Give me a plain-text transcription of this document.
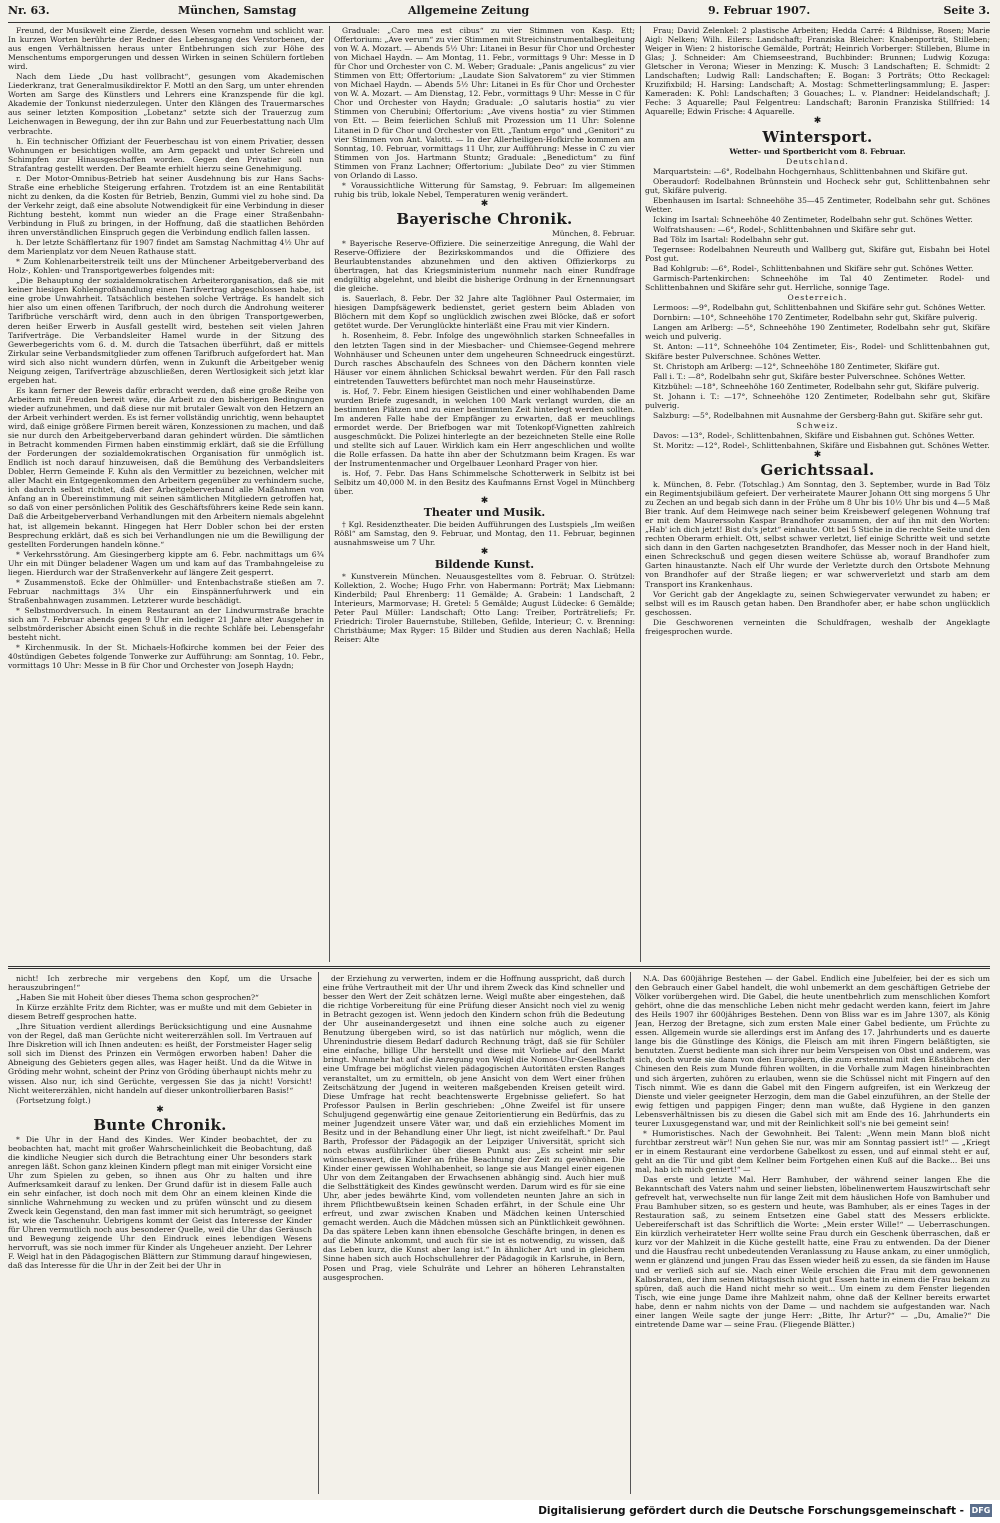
Nr. 63.	München, Samstag	Allgemeine Zeitung	9. Februar 1907.	Seite 3.

Freund, der Musikwelt eine Zierde, dessen Wesen vornehm und schlicht war. In kurzen Worten berührte der Redner des Lebensgang des Verstorbenen, der aus engen Verhältnissen heraus unter Entbehrungen sich zur Höhe des Menschentums emporgerungen und dessen Wirken in seinen Schülern fortleben wird.

Nach dem Liede „Du hast vollbracht“, gesungen vom Akademischen Liederkranz, trat Generalmusikdirektor F. Mottl an den Sarg, um unter ehrenden Worten am Sarge des Künstlers und Lehrers eine Kranzspende für die kgl. Akademie der Tonkunst niederzulegen. Unter den Klängen des Trauermarsches aus seiner letzten Komposition „Lobetanz“ setzte sich der Trauerzug zum Leichenwagen in Bewegung, der ihn zur Bahn und zur Feuerbestattung nach Ulm verbrachte.

h. Ein technischer Offiziant der Feuerbeschau ist von einem Privatier, dessen Wohnungen er besichtigen wollte, am Arm gepackt und unter Schreien und Schimpfen zur Hinausgeschaffen worden. Gegen den Privatier soll nun Strafantrag gestellt werden. Der Beamte erhielt hierzu seine Genehmigung.

r. Der Motor-Omnibus-Betrieb hat seiner Ausdehnung bis zur Hans Sachs-Straße eine erhebliche Steigerung erfahren. Trotzdem ist an eine Rentabilität nicht zu denken, da die Kosten für Betrieb, Benzin, Gummi viel zu hohe sind. Da der Verkehr zeigt, daß eine absolute Notwendigkeit für eine Verbindung in dieser Richtung besteht, kommt nun wieder an die Frage einer Straßenbahn-Verbindung in Fluß zu bringen, in der Hoffnung, daß die staatlichen Behörden ihren unverständlichen Einspruch gegen die Verbindung endlich fallen lassen.

h. Der letzte Schäfflertanz für 1907 findet am Samstag Nachmittag 4½ Uhr auf dem Marienplatz vor dem Neuen Rathause statt.

* Zum Kohlenarbeiterstreik teilt uns der Münchener Arbeitgeberverband des Holz-, Kohlen- und Transportgewerbes folgendes mit:

„Die Behauptung der sozialdemokratischen Arbeiterorganisation, daß sie mit keiner hiesigen Kohlengroßhandlung einen Tarifvertrag abgeschlossen habe, ist eine grobe Unwahrheit. Tatsächlich bestehen solche Verträge. Es handelt sich hier also um einen offenen Tarifbruch, der noch durch die Androhung weiterer Tarifbrüche verschärft wird, denn auch in den übrigen Transportgewerben, deren heißer Erwerb in Ausfall gestellt wird, bestehen seit vielen Jahren Tarifverträge. Die Verbandsleiter Hamel wurde in der Sitzung des Gewerbegerichts vom 6. d. M. durch die Tatsachen überführt, daß er mittels Zirkular seine Verbandsmitglieder zum offenen Tarifbruch aufgefordert hat. Man wird sich also nicht wundern dürfen, wenn in Zukunft die Arbeitgeber wenig Neigung zeigen, Tarifverträge abzuschließen, deren Wertlosigkeit sich jetzt klar ergeben hat.

Es kann ferner der Beweis dafür erbracht werden, daß eine große Reihe von Arbeitern mit Freuden bereit wäre, die Arbeit zu den bisherigen Bedingungen wieder aufzunehmen, und daß diese nur mit brutaler Gewalt von den Hetzern an der Arbeit verhindert werden. Es ist ferner vollständig unrichtig, wenn behauptet wird, daß einige größere Firmen bereit wären, Konzessionen zu machen, und daß sie nur durch den Arbeitgeberverband daran gehindert würden. Die sämtlichen in Betracht kommenden Firmen haben einstimmig erklärt, daß sie die Erfüllung der Forderungen der sozialdemokratischen Organisation für unmöglich ist. Endlich ist noch darauf hinzuweisen, daß die Bemühung des Verbandsleiters Dobler, Herrn Gemeinde F. Kuhn als den Vermittler zu bezeichnen, welcher mit aller Macht ein Entgegenkommen den Arbeitern gegenüber zu verhindern suche, ich dadurch selbst richtet, daß der Arbeitgeberverband alle Maßnahmen von Anfang an in Übereinstimmung mit seinen sämtlichen Mitgliedern getroffen hat, so daß von einer persönlichen Politik des Geschäftsführers keine Rede sein kann. Daß die Arbeitgeberverband Verhandlungen mit den Arbeitern niemals abgelehnt hat, ist allgemein bekannt. Hingegen hat Herr Dobler schon bei der ersten Besprechung erklärt, daß es sich bei Verhandlungen nie um die Bewilligung der gestellten Forderungen handeln könne.“

* Verkehrsstörung. Am Giesingerberg kippte am 6. Febr. nachmittags um 6¾ Uhr ein mit Dünger beladener Wagen um und kam auf das Trambahngeleise zu liegen. Hierdurch war der Straßenverkehr auf längere Zeit gesperrt.

* Zusammenstoß. Ecke der Ohlmüller- und Entenbachstraße stießen am 7. Februar nachmittags 3¼ Uhr ein Einspännerfuhrwerk und ein Straßenbahnwagen zusammen. Letzterer wurde beschädigt.

* Selbstmordversuch. In einem Restaurant an der Lindwurmstraße brachte sich am 7. Februar abends gegen 9 Uhr ein lediger 21 Jahre alter Ausgeher in selbstmörderischer Absicht einen Schuß in die rechte Schläfe bei. Lebensgefahr besteht nicht.

* Kirchenmusik. In der St. Michaels-Hofkirche kommen bei der Feier des 40stündigen Gebetes folgende Tonwerke zur Aufführung: am Sonntag, 10. Febr., vormittags 10 Uhr: Messe in B für Chor und Orchester von Joseph Haydn;

Graduale: „Caro mea est cibus“ zu vier Stimmen von Kasp. Ett; Offertorium: „Ave verum“ zu vier Stimmen mit Streichinstrumentalbegleitung von W. A. Mozart. — Abends 5½ Uhr: Litanei in Besur für Chor und Orchester von Michael Haydn. — Am Montag, 11. Febr., vormittags 9 Uhr: Messe in D für Chor und Orchester von C. M. Weber; Graduale: „Panis angelicus“ zu vier Stimmen von Ett; Offertorium: „Laudate Sion Salvatorem“ zu vier Stimmen von Michael Haydn. — Abends 5½ Uhr: Litanei in Es für Chor und Orchester von W. A. Mozart. — Am Dienstag, 12. Febr., vormittags 9 Uhr: Messe in C für Chor und Orchester von Haydn; Graduale: „O salutaris hostia“ zu vier Stimmen von Cherubini; Offertorium: „Ave vivens hostia“ zu vier Stimmen von Ett. — Beim feierlichen Schluß mit Prozession um 11 Uhr: Solenne Litanei in D für Chor und Orchester von Ett. „Tantum ergo“ und „Genitori“ zu vier Stimmen von Ant. Valotti. — In der Allerheiligen-Hofkirche kommen am Sonntag, 10. Februar, vormittags 11 Uhr, zur Aufführung: Messe in C zu vier Stimmen von Jos. Hartmann Stuntz; Graduale: „Benedictum“ zu fünf Stimmen von Franz Lachner; Offertorium: „Jubilate Deo“ zu vier Stimmen von Orlando di Lasso.

* Voraussichtliche Witterung für Samstag, 9. Februar: Im allgemeinen ruhig bis trüb, lokale Nebel, Temperaturen wenig verändert.

✱

Bayerische Chronik.

München, 8. Februar.

* Bayerische Reserve-Offiziere. Die seinerzeitige Anregung, die Wahl der Reserve-Offiziere der Bezirkskommandos und die Offiziere des Beurlaubtenstandes abzunehmen und den aktiven Offizierkorps zu übertragen, hat das Kriegsministerium nunmehr nach einer Rundfrage endgültig abgelehnt, und bleibt die bisherige Ordnung in der Ernennungsart die gleiche.

is. Sauerlach, 8. Febr. Der 32 Jahre alte Taglöhner Paul Ostermaier, im hiesigen Dampfsägewerk bedienstet, geriet gestern beim Abladen von Blöchern mit dem Kopf so unglücklich zwischen zwei Blöcke, daß er sofort getötet wurde. Der Verunglückte hinterläßt eine Frau mit vier Kindern.

h. Rosenheim, 8. Febr. Infolge des ungewöhnlich starken Schneefalles in den letzten Tagen sind in der Miesbacher- und Chiemsee-Gegend mehrere Wohnhäuser und Scheunen unter dem ungeheuren Schneedruck eingestürzt. Durch rasches Abschaufeln des Schnees von den Dächern konnten viele Häuser vor einem ähnlichen Schicksal bewahrt werden. Für den Fall rasch eintretenden Tauwetters befürchtet man noch mehr Hauseinstürze.

is. Hof, 7. Febr. Einem hiesigen Geistlichen und einer wohlhabenden Dame wurden Briefe zugesandt, in welchen 100 Mark verlangt wurden, die an bestimmten Plätzen und zu einer bestimmten Zeit hinterlegt werden sollten. Im anderen Falle habe der Empfänger zu erwarten, daß er meuchlings ermordet werde. Der Briefbogen war mit Totenkopf-Vignetten zahlreich ausgeschmückt. Die Polizei hinterlegte an der bezeichneten Stelle eine Rolle und stellte sich auf Lauer. Wirklich kam ein Herr angeschlichen und wollte die Rolle erfassen. Da hatte ihn aber der Schutzmann beim Kragen. Es war der Instrumentenmacher und Orgelbauer Leonhard Prager von hier.

is. Hof, 7. Febr. Das Hans Schimmelsche Schotterwerk in Selbitz ist bei Selbitz um 40,000 M. in den Besitz des Kaufmanns Ernst Vogel in Münchberg über.

✱

Theater und Musik.

† Kgl. Residenztheater. Die beiden Aufführungen des Lustspiels „Im weißen Rößl“ am Samstag, den 9. Februar, und Montag, den 11. Februar, beginnen ausnahmsweise um 7 Uhr.

✱

Bildende Kunst.

* Kunstverein München. Neuausgestelltes vom 8. Februar. O. Strützel: Kollektion, 2. Woche; Hugo Frhr. von Habermann: Porträt; Max Liebmann: Kinderbild; Paul Ehrenberg: 11 Gemälde; A. Grabein: 1 Landschaft, 2 Interieurs, Marmorvase; H. Gretel: 5 Gemälde; August Lüdecke: 6 Gemälde; Peter Paul Müller: Landschaft; Otto Lang: Treiber, Porträtreliefs; Fr. Friedrich: Tiroler Bauernstube, Stilleben, Gefilde, Interieur; C. v. Brenning: Christbäume; Max Ryger: 15 Bilder und Studien aus deren Nachlaß; Hella Reiser: Alte

Frau; David Zelenkel: 2 plastische Arbeiten; Hedda Carré: 4 Bildnisse, Rosen; Marie Aigl: Nelken; Wilh. Eilers: Landschaft; Franziska Bleicher: Knabenporträt, Stilleben; Weiger in Wien: 2 historische Gemälde, Porträt; Heinrich Vorberger: Stilleben, Blume in Glas; J. Schneider: Am Chiemseestrand, Buchbinder: Brunnen; Ludwig Kozuga: Gletscher in Verona; Wieser in Menzing: K. Musch: 3 Landschaften; E. Schmidt: 2 Landschaften; Ludwig Rall: Landschaften; E. Bogan: 3 Porträts; Otto Reckagel: Kruzifixbild; H. Harsing: Landschaft; A. Mostag: Schmetterlingsammlung; E. Jasper: Kameraden: K. Pohl: Landschaften; 3 Gouaches; L. v. Plandner: Heidelandschaft; J. Feche: 3 Aquarelle; Paul Felgentreu: Landschaft; Baronin Franziska Stillfried: 14 Aquarelle; Edwin Frische: 4 Aquarelle.

✱

Wintersport.

Wetter- und Sportbericht vom 8. Februar.

Deutschland.

Marquartstein: —6°, Rodelbahn Hochgernhaus, Schlittenbahnen und Skifäre gut.

Oberaudorf: Rodelbahnen Brünnstein und Hocheck sehr gut, Schlittenbahnen sehr gut, Skifäre pulverig.

Ebenhausen im Isartal: Schneehöhe 35—45 Zentimeter, Rodelbahn sehr gut. Schönes Wetter.

Icking im Isartal: Schneehöhe 40 Zentimeter, Rodelbahn sehr gut. Schönes Wetter.

Wolfratshausen: —6°, Rodel-, Schlittenbahnen und Skifäre sehr gut.

Bad Tölz im Isartal: Rodelbahn sehr gut.

Tegernsee: Rodelbahnen Neureuth und Wallberg gut, Skifäre gut, Eisbahn bei Hotel Post gut.

Bad Kohlgrub: —6°, Rodel-, Schlittenbahnen und Skifäre sehr gut. Schönes Wetter.

Garmisch-Partenkirchen: Schneehöhe im Tal 40 Zentimeter. Rodel- und Schlittenbahnen und Skifäre sehr gut. Herrliche, sonnige Tage.

Oesterreich.

Lermoos: —9°, Rodelbahn gut, Schlittenbahnen und Skifäre sehr gut. Schönes Wetter.

Dornbirn: —10°, Schneehöhe 170 Zentimeter, Rodelbahn sehr gut, Skifäre pulverig.

Langen am Arlberg: —5°, Schneehöhe 190 Zentimeter, Rodelbahn sehr gut, Skifäre weich und pulverig.

St. Anton: —11°, Schneehöhe 104 Zentimeter, Eis-, Rodel- und Schlittenbahnen gut, Skifäre bester Pulverschnee. Schönes Wetter.

St. Christoph am Arlberg: —12°, Schneehöhe 180 Zentimeter, Skifäre gut.

Fall i. T.: —8°, Rodelbahn sehr gut, Skifäre bester Pulverschnee. Schönes Wetter.

Kitzbühel: —18°, Schneehöhe 160 Zentimeter, Rodelbahn sehr gut, Skifäre pulverig.

St. Johann i. T.: —17°, Schneehöhe 120 Zentimeter, Rodelbahn sehr gut, Skifäre pulverig.

Salzburg: —5°, Rodelbahnen mit Ausnahme der Gersberg-Bahn gut. Skifäre sehr gut.

Schweiz.

Davos: —13°, Rodel-, Schlittenbahnen, Skifäre und Eisbahnen gut. Schönes Wetter.

St. Moritz: —12°, Rodel-, Schlittenbahnen, Skifäre und Eisbahnen gut. Schönes Wetter.

✱

Gerichtssaal.

k. München, 8. Febr. (Totschlag.) Am Sonntag, den 3. September, wurde in Bad Tölz ein Regimentsjubiläum gefeiert. Der verheiratete Maurer Johann Ott sing morgens 5 Uhr zu Zechen an und begab sich dann in der Frühe um 8 Uhr bis 10½ Uhr bis und 4—5 Maß Bier trank. Auf dem Heimwege nach seiner beim Kreisbewerf gelegenen Wohnung traf er mit dem Maurerssohn Kaspar Brandhofer zusammen, der auf ihn mit den Worten: „Hab' ich dich jetzt! Bist du's jetzt“ einhaute. Ott bei 5 Stiche in die rechte Seite und den rechten Oberarm erhielt. Ott, selbst schwer verletzt, lief einige Schritte weit und setzte sich dann in den Garten nachgesetzten Brandhofer, das Messer noch in der Hand hielt, einen Schreckschuß und gegen diesen weitere Schüsse ab, worauf Brandhofer zum Garten hinaustanzte. Nach elf Uhr wurde der Verletzte durch den Ortsbote Mehnung von Brandhofer auf der Straße liegen; er war schwerverletzt und starb am dem Transport ins Krankenhaus.

Vor Gericht gab der Angeklagte zu, seinen Schwiegervater verwundet zu haben; er selbst will es im Rausch getan haben. Den Brandhofer aber, er habe schon unglücklich geschossen.

Die Geschworenen verneinten die Schuldfragen, weshalb der Angeklagte freigesprochen wurde.

nicht! Ich zerbreche mir vergebens den Kopf, um die Ursache herauszubringen!“

„Haben Sie mit Hoheit über dieses Thema schon gesprochen?“

In Kürze erzählte Fritz dem Richter, was er mußte und mit dem Gebieter in diesem Betreff gesprochen hatte.

„Ihre Situation verdient allerdings Berücksichtigung und eine Ausnahme von der Regel, daß man Gerüchte nicht weitererzählen soll. Im Vertrauen auf Ihre Diskretion will ich Ihnen andeuten: es heißt, der Forstmeister Hager selig soll sich im Dienst des Prinzen ein Vermögen erworben haben! Daher die Abneigung des Gebieters gegen alles, was Hager heißt. Und da die Witwe in Gröding mehr wohnt, scheint der Prinz von Gröding überhaupt nichts mehr zu wissen. Also nur, ich sind Gerüchte, vergessen Sie das ja nicht! Vorsicht! Nicht weitererzählen, nicht handeln auf dieser unkontrollierbaren Basis!“

(Fortsetzung folgt.)

✱

Bunte Chronik.

* Die Uhr in der Hand des Kindes. Wer Kinder beobachtet, der zu beobachten hat, macht mit großer Wahrscheinlichkeit die Beobachtung, daß die kindliche Neugier sich durch die Betrachtung einer Uhr besonders stark anregen läßt. Schon ganz kleinen Kindern pflegt man mit einiger Vorsicht eine Uhr zum Spielen zu geben, so ihnen aus Ohr zu halten und ihre Aufmerksamkeit darauf zu lenken. Der Grund dafür ist in diesem Falle auch ein sehr einfacher, ist doch noch mit dem Ohr an einem kleinen Kinde die sinnliche Wahrnehmung zu wecken und zu prüfen wünscht und zu diesem Zweck kein Gegenstand, den man fast immer mit sich herumträgt, so geeignet ist, wie die Taschenuhr. Uebrigens kommt der Geist das Interesse der Kinder für Uhren vermutlich noch aus besonderer Quelle, weil die Uhr das Geräusch und Bewegung zeigende Uhr den Eindruck eines lebendigen Wesens hervorruft, was sie noch immer für Kinder als Ungeheuer anzieht. Der Lehrer F. Weigl hat in den Pädagogischen Blättern zur Stimmung darauf hingewiesen, daß das Interesse für die Uhr in der Zeit bei der Uhr in

der Erziehung zu verwerten, indem er die Hoffnung ausspricht, daß durch eine frühe Vertrautheit mit der Uhr und ihrem Zweck das Kind schneller und besser den Wert der Zeit schätzen lerne. Weigl mußte aber eingestehen, daß die richtige Vorbereitung für eine Prüfung dieser Ansicht noch viel zu wenig in Betracht gezogen ist. Wenn jedoch den Kindern schon früh die Bedeutung der Uhr auseinandergesetzt und ihnen eine solche auch zu eigener Benutzung übergeben wird, so ist das natürlich nur möglich, wenn die Uhrenindustrie diesem Bedarf dadurch Rechnung trägt, daß sie für Schüler eine einfache, billige Uhr herstellt und diese mit Vorliebe auf den Markt bringt. Nunmehr hat auf die Anregung von Weigl die Nomos-Uhr-Gesellschaft eine Umfrage bei möglichst vielen pädagogischen Autoritäten ersten Ranges veranstaltet, um zu ermitteln, ob jene Ansicht von dem Wert einer frühen Zeitschätzung der Jugend in weiteren maßgebenden Kreisen geteilt wird. Diese Umfrage hat recht beachtenswerte Ergebnisse geliefert. So hat Professor Paulsen in Berlin geschrieben: „Ohne Zweifel ist für unsere Schuljugend gegenwärtig eine genaue Zeitorientierung ein Bedürfnis, das zu meiner Jugendzeit unsere Väter war, und daß ein erziehliches Moment im Besitz und in der Behandlung einer Uhr liegt, ist nicht zweifelhaft.“ Dr. Paul Barth, Professor der Pädagogik an der Leipziger Universität, spricht sich noch etwas ausführlicher über diesen Punkt aus: „Es scheint mir sehr wünschenswert, die Kinder an frühe Beachtung der Zeit zu gewöhnen. Die Kinder einer gewissen Wohlhabenheit, so lange sie aus Mangel einer eigenen Uhr von dem Zeitangaben der Erwachsenen abhängig sind. Auch hier muß die Selbsttätigkeit des Kindes gewünscht werden. Darum wird es für sie eine Uhr, aber jedes bewährte Kind, vom vollendeten neunten Jahre an sich in ihrem Pflichtbewußtsein keinen Schaden erfährt, in der Schule eine Uhr erfreut, und zwar zwischen Knaben und Mädchen keinen Unterschied gemacht werden. Auch die Mädchen müssen sich an Pünktlichkeit gewöhnen. Da das spätere Leben kann ihnen ebensolche Geschäfte bringen, in denen es auf die Minute ankommt, und auch für sie ist es notwendig, zu wissen, daß das Leben kurz, die Kunst aber lang ist.“ In ähnlicher Art und in gleichem Sinne haben sich auch Hochschullehrer der Pädagogik in Karlsruhe, in Bern, Posen und Prag, viele Schulräte und Lehrer an höheren Lehranstalten ausgesprochen.

N.A. Das 600jährige Bestehen — der Gabel. Endlich eine Jubelfeier, bei der es sich um den Gebrauch einer Gabel handelt, die wohl unbemerkt an dem geschäftigen Getriebe der Völker vorübergehen wird. Die Gabel, die heute unentbehrlich zum menschlichen Komfort gehört, ohne die das menschliche Leben nicht mehr gedacht werden kann, feiert im Jahre des Heils 1907 ihr 600jähriges Bestehen. Denn von Bliss war es im Jahre 1307, als König Jean, Herzog der Bretagne, sich zum ersten Male einer Gabel bediente, um Früchte zu essen. Allgemein wurde sie allerdings erst im Anfang des 17. Jahrhunderts und es dauerte lange bis die Günstlinge des Königs, die Fleisch am mit ihren Fingern beläßtigten, sie benutzten. Zuerst bediente man sich ihrer nur beim Verspeisen von Obst und anderem, was sich, doch wurde sie dann von den Europäern, die zum erstenmal mit den Eßstäbchen der Chinesen den Reis zum Munde führen wollten, in die Vorhalle zum Magen hineinbrachten und sich ärgerten, zuhören zu erlauben, wenn sie die Schüssel nicht mit Fingern auf den Tisch nimmt. Wie es dann die Gabel mit den Fingern aufgreifen, ist ein Werkzeug der Dienste und vieler geeigneter Herzogin, dem man die Gabel einzuführen, an der Stelle der ewig fettigen und pappigen Finger; denn man wußte, daß Hygiene in den ganzen Lebensverhältnissen bis zu diesen die Gabel sich mit am Ende des 16. Jahrhunderts ein teurer Luxusgegenstand war, und mit der Reinlichkeit soll's nie bei gemeint sein!

* Humoristisches. Nach der Gewohnheit. Bei Talent: „Wenn mein Mann bloß nicht furchtbar zerstreut wär'! Nun gehen Sie nur, was mir am Sonntag passiert ist!“ — „Kriegt er in einem Restaurant eine verdorbene Gabelkost zu essen, und auf einmal steht er auf, geht an die Tür und gibt dem Kellner beim Fortgehen einen Kuß auf die Backe... Bei uns mal, hab ich mich geniert!“ —

Das erste und letzte Mal. Herr Bamhuber, der während seiner langen Ehe die Bekanntschaft des Vaters nahm und seiner liebsten, löbelinenwertem Hauszwirtschaft sehr gefrevelt hat, verwechselte nun für lange Zeit mit dem häuslichen Hofe von Bamhuber und Frau Bamhuber sitzen, so es gestern und heute, was Bamhuber, als er eines Tages in der Restauration saß, zu seinem Entsetzen eine Gabel statt des Messers erblickte. Uebereiferschaft ist das Schriftlich die Worte: „Mein erster Wille!“ — Ueberraschungen. Ein kürzlich verheirateter Herr wollte seine Frau durch ein Geschenk überraschen, daß er kurz vor der Mahlzeit in die Küche gestellt hatte, eine Frau zu entwenden. Da der Diener und die Hausfrau recht unbedeutenden Veranlassung zu Hause ankam, zu einer unmöglich, wenn er glänzend und jungen Frau das Essen wieder heiß zu essen, da sie fänden im Hause und er verließ sich auf sie. Nach einer Weile erschien die Frau mit dem gewonnenen Kalbsbraten, der ihm seinen Mittagstisch nicht gut Essen hatte in einem die Frau bekam zu spüren, daß auch die Hand nicht mehr so weit... Um einem zu dem Fenster liegenden Tisch, wie eine junge Dame ihre Mahlzeit nahm, ohne daß der Kellner bereits erwartet habe, denn er nahm nichts von der Dame — und nachdem sie aufgestanden war. Nach einer langen Weile sagte der junge Herr: „Bitte, Ihr Artur?“ — „Du, Amalie?“ Die eintretende Dame war — seine Frau. (Fliegende Blätter.)

Digitalisierung gefördert durch die Deutsche Forschungsgemeinschaft - DFG
